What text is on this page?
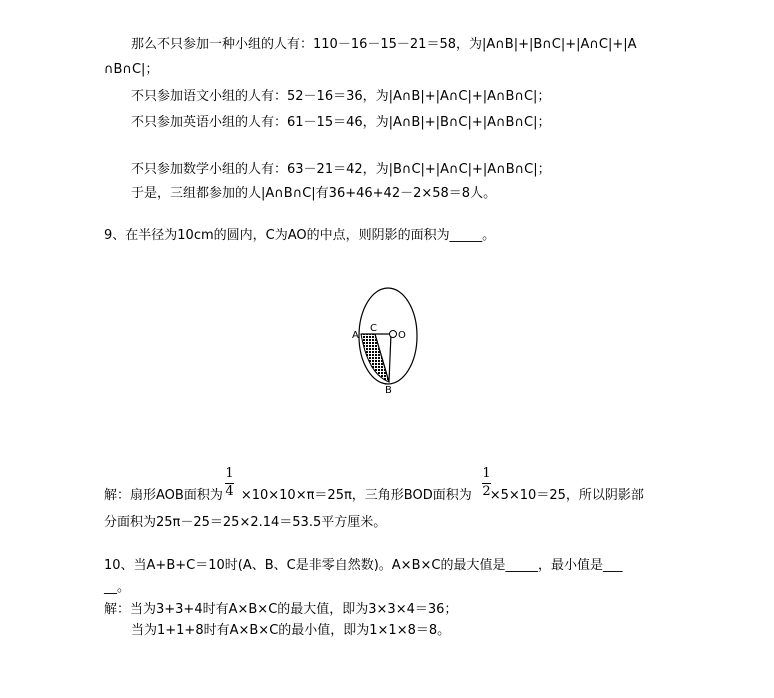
那么不只参加一种小组的人有：110－16－15－21＝58，为|A∩B|+|B∩C|+|A∩C|+|A
∩B∩C|；
不只参加语文小组的人有：52－16＝36，为|A∩B|+|A∩C|+|A∩B∩C|；
不只参加英语小组的人有：61－15＝46，为|A∩B|+|B∩C|+|A∩B∩C|；
不只参加数学小组的人有：63－21＝42，为|B∩C|+|A∩C|+|A∩B∩C|；
于是，三组都参加的人|A∩B∩C|有36+46+42－2×58＝8人。
9、在半径为10cm的圆内，C为AO的中点，则阴影的面积为_____。
A
C
O
B
解：扇形AOB面积为 ×10×10×π＝25π，三角形BOD面积为 ×5×10＝25，所以阴影部
1
4
1
2
分面积为25π－25＝25×2.14＝53.5平方厘米。
10、当A+B+C＝10时(A、B、C是非零自然数)。A×B×C的最大值是_____，最小值是___
__。
解：当为3+3+4时有A×B×C的最大值，即为3×3×4＝36；
当为1+1+8时有A×B×C的最小值，即为1×1×8＝8。
